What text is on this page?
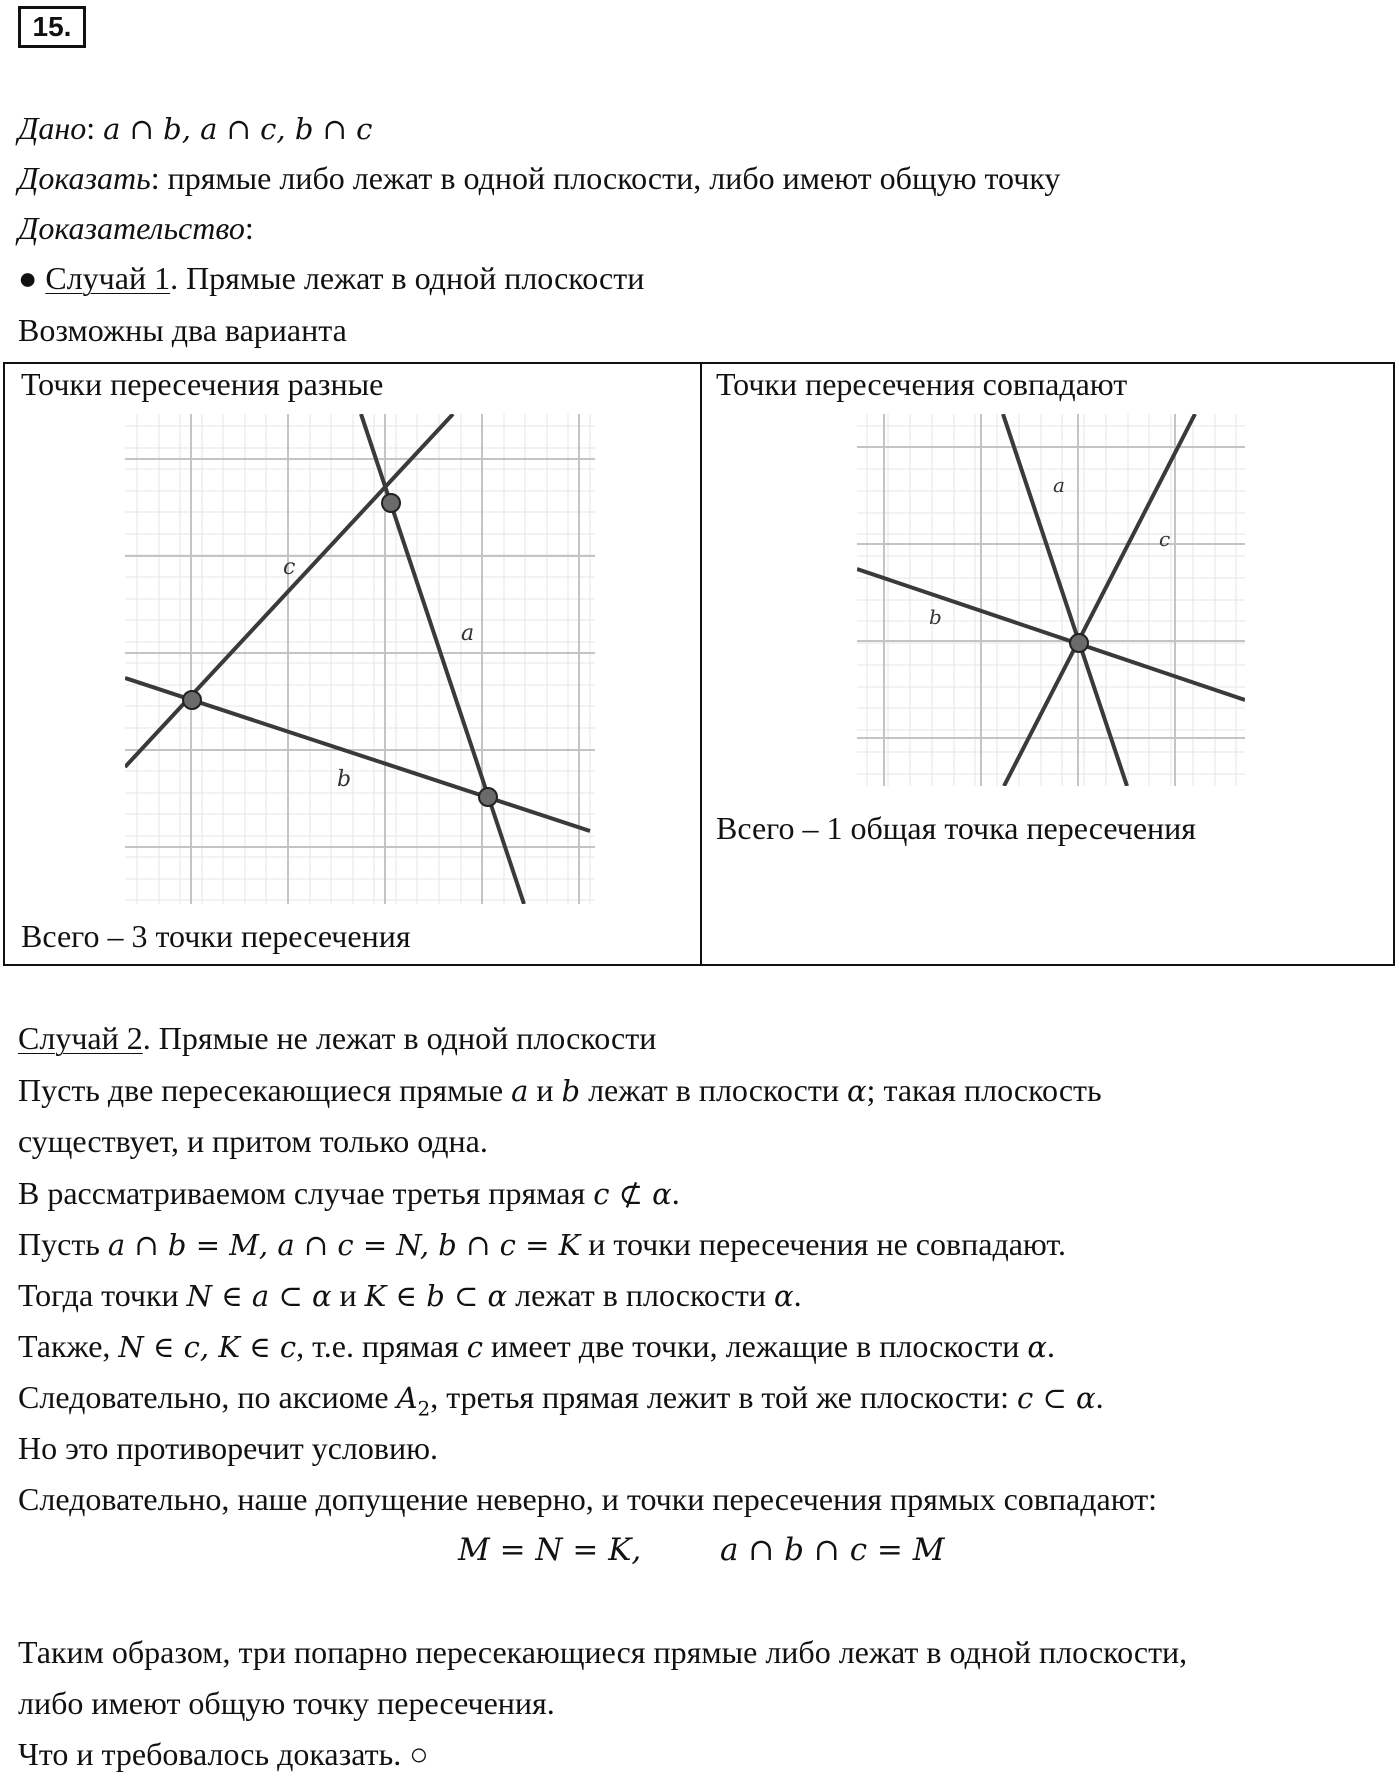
15.
Дано: a ∩ b, a ∩ c, b ∩ c
Доказать: прямые либо лежат в одной плоскости, либо имеют общую точку
Доказательство:
● Случай 1. Прямые лежат в одной плоскости
Возможны два варианта
Точки пересечения разные
Всего – 3 точки пересечения
c
a
b
Точки пересечения совпадают
Всего – 1 общая точка пересечения
a
c
b
Случай 2. Прямые не лежат в одной плоскости
Пусть две пересекающиеся прямые a и b лежат в плоскости α; такая плоскость
существует, и притом только одна.
В рассматриваемом случае третья прямая c ⊄ α.
Пусть a ∩ b = M, a ∩ c = N, b ∩ c = K и точки пересечения не совпадают.
Тогда точки N ∈ a ⊂ α и K ∈ b ⊂ α лежат в плоскости α.
Также, N ∈ c, K ∈ c, т.е. прямая c имеет две точки, лежащие в плоскости α.
Следовательно, по аксиоме $A_2$, третья прямая лежит в той же плоскости: c ⊂ α.
Но это противоречит условию.
Следовательно, наше допущение неверно, и точки пересечения прямых совпадают:
M = N = K,	a ∩ b ∩ c = M
Таким образом, три попарно пересекающиеся прямые либо лежат в одной плоскости,
либо имеют общую точку пересечения.
Что и требовалось доказать. ○
